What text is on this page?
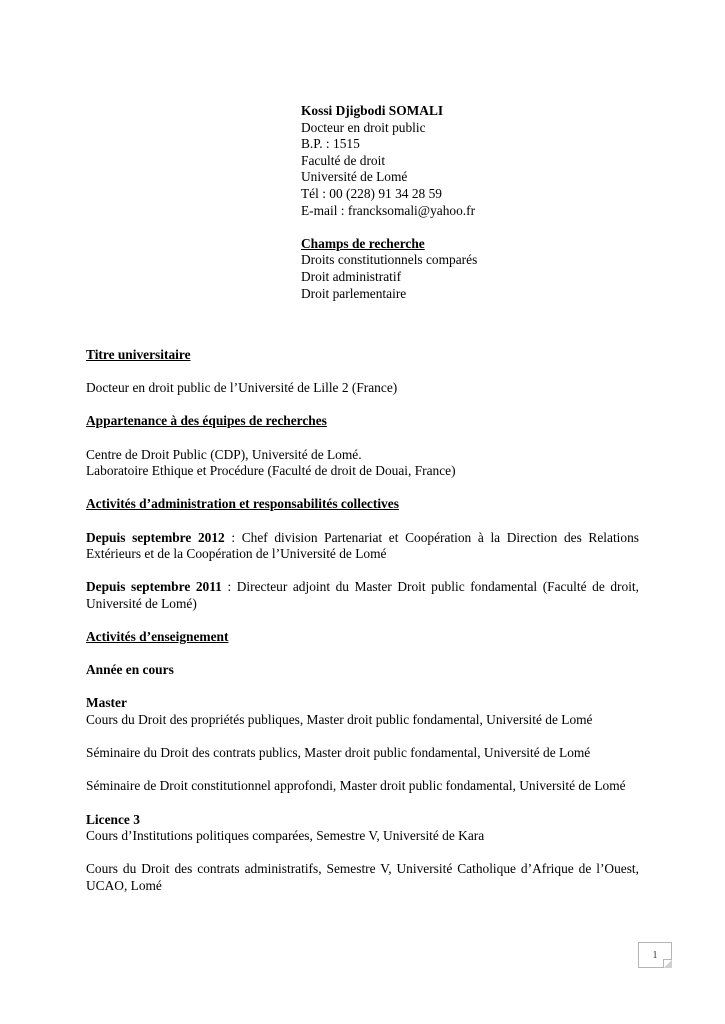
Kossi Djigbodi SOMALI
Docteur en droit public
B.P. : 1515
Faculté de droit
Université de Lomé
Tél : 00 (228) 91 34 28 59
E-mail : francksomali@yahoo.fr
Champs de recherche
Droits constitutionnels comparés
Droit administratif
Droit parlementaire

Titre universitaire

Docteur en droit public de l’Université de Lille 2 (France)

Appartenance à des équipes de recherches

Centre de Droit Public (CDP), Université de Lomé.

Laboratoire Ethique et Procédure (Faculté de droit de Douai, France)

Activités d’administration et responsabilités collectives

Depuis septembre 2012 : Chef division Partenariat et Coopération à la Direction des Relations Extérieurs et de la Coopération de l’Université de Lomé

Depuis septembre 2011 : Directeur adjoint du Master Droit public fondamental (Faculté de droit, Université de Lomé)

Activités d’enseignement

Année en cours

Master

Cours du Droit des propriétés publiques, Master droit public fondamental, Université de Lomé

Séminaire du Droit des contrats publics, Master droit public fondamental, Université de Lomé

Séminaire de Droit constitutionnel approfondi, Master droit public fondamental, Université de Lomé

Licence 3

Cours d’Institutions politiques comparées, Semestre V, Université de Kara

Cours du Droit des contrats administratifs, Semestre V, Université Catholique d’Afrique de l’Ouest, UCAO, Lomé

1
